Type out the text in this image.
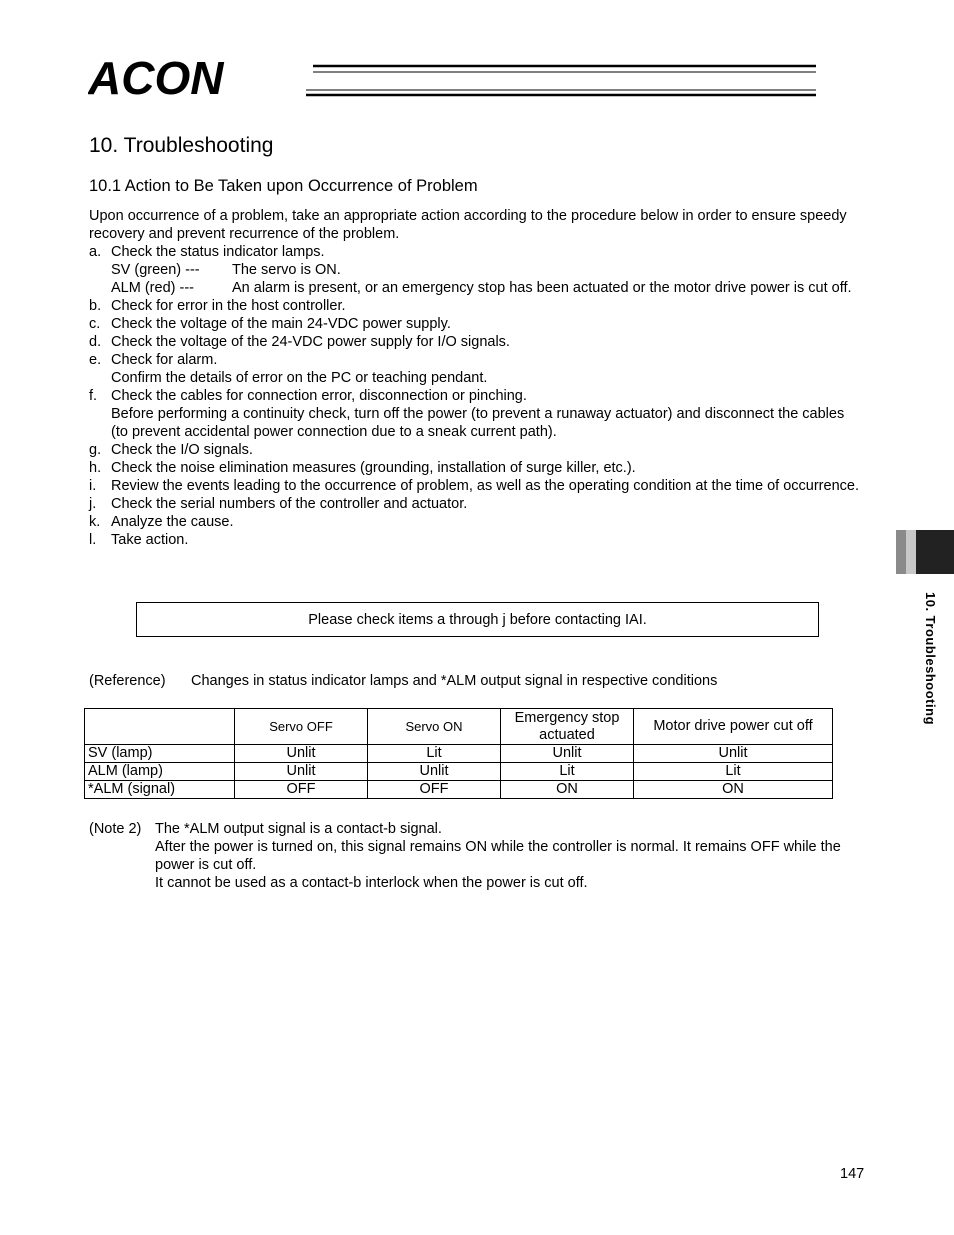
ACON
10. Troubleshooting
10.1 Action to Be Taken upon Occurrence of Problem
Upon occurrence of a problem, take an appropriate action according to the procedure below in order to ensure speedy recovery and prevent recurrence of the problem.
a. Check the status indicator lamps.
SV (green) ---	The servo is ON.
ALM (red) ---	An alarm is present, or an emergency stop has been actuated or the motor drive power is cut off.
b. Check for error in the host controller.
c. Check the voltage of the main 24-VDC power supply.
d. Check the voltage of the 24-VDC power supply for I/O signals.
e. Check for alarm.
Confirm the details of error on the PC or teaching pendant.
f. Check the cables for connection error, disconnection or pinching.
Before performing a continuity check, turn off the power (to prevent a runaway actuator) and disconnect the cables (to prevent accidental power connection due to a sneak current path).
g. Check the I/O signals.
h. Check the noise elimination measures (grounding, installation of surge killer, etc.).
i. Review the events leading to the occurrence of problem, as well as the operating condition at the time of occurrence.
j. Check the serial numbers of the controller and actuator.
k. Analyze the cause.
l. Take action.
Please check items a through j before contacting IAI.
(Reference)	Changes in status indicator lamps and *ALM output signal in respective conditions
	Servo OFF	Servo ON	Emergency stop actuated	Motor drive power cut off
SV (lamp)	Unlit	Lit	Unlit	Unlit
ALM (lamp)	Unlit	Unlit	Lit	Lit
*ALM (signal)	OFF	OFF	ON	ON
(Note 2) The *ALM output signal is a contact-b signal.
After the power is turned on, this signal remains ON while the controller is normal. It remains OFF while the power is cut off.
It cannot be used as a contact-b interlock when the power is cut off.
10. Troubleshooting
147
